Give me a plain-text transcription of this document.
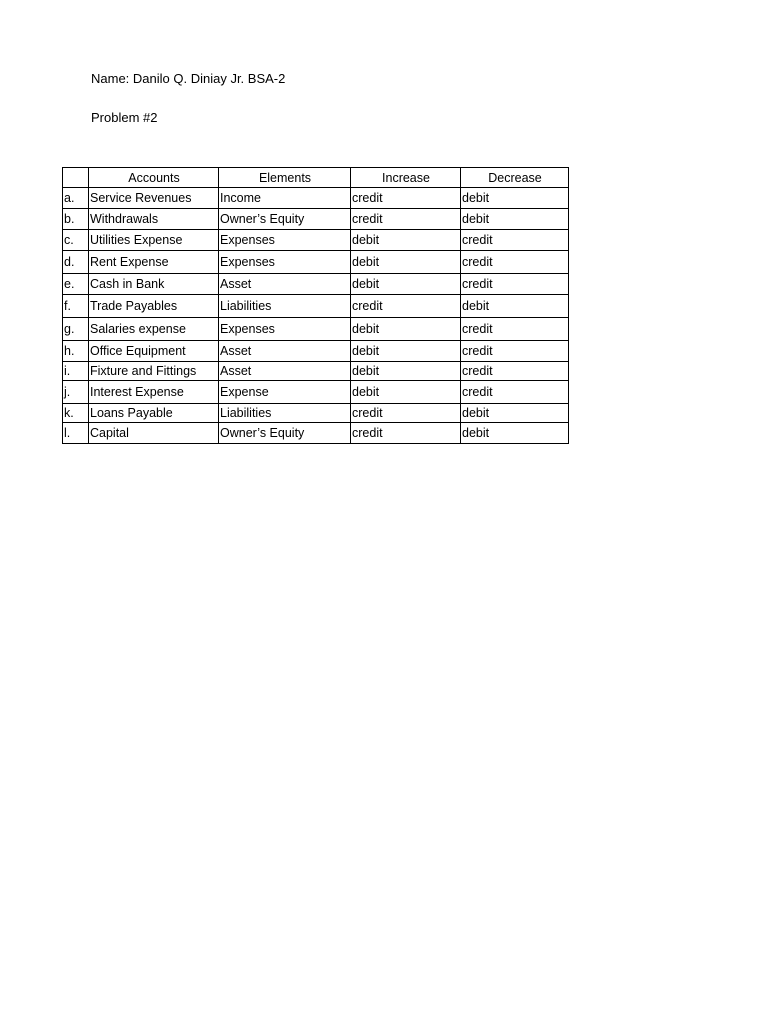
Name: Danilo Q. Diniay Jr. BSA-2
Problem #2
	Accounts	Elements	Increase	Decrease
a.	Service Revenues	Income	credit	debit
b.	Withdrawals	Owner’s Equity	credit	debit
c.	Utilities Expense	Expenses	debit	credit
d.	Rent Expense	Expenses	debit	credit
e.	Cash in Bank	Asset	debit	credit
f.	Trade Payables	Liabilities	credit	debit
g.	Salaries expense	Expenses	debit	credit
h.	Office Equipment	Asset	debit	credit
i.	Fixture and Fittings	Asset	debit	credit
j.	Interest Expense	Expense	debit	credit
k.	Loans Payable	Liabilities	credit	debit
l.	Capital	Owner’s Equity	credit	debit
